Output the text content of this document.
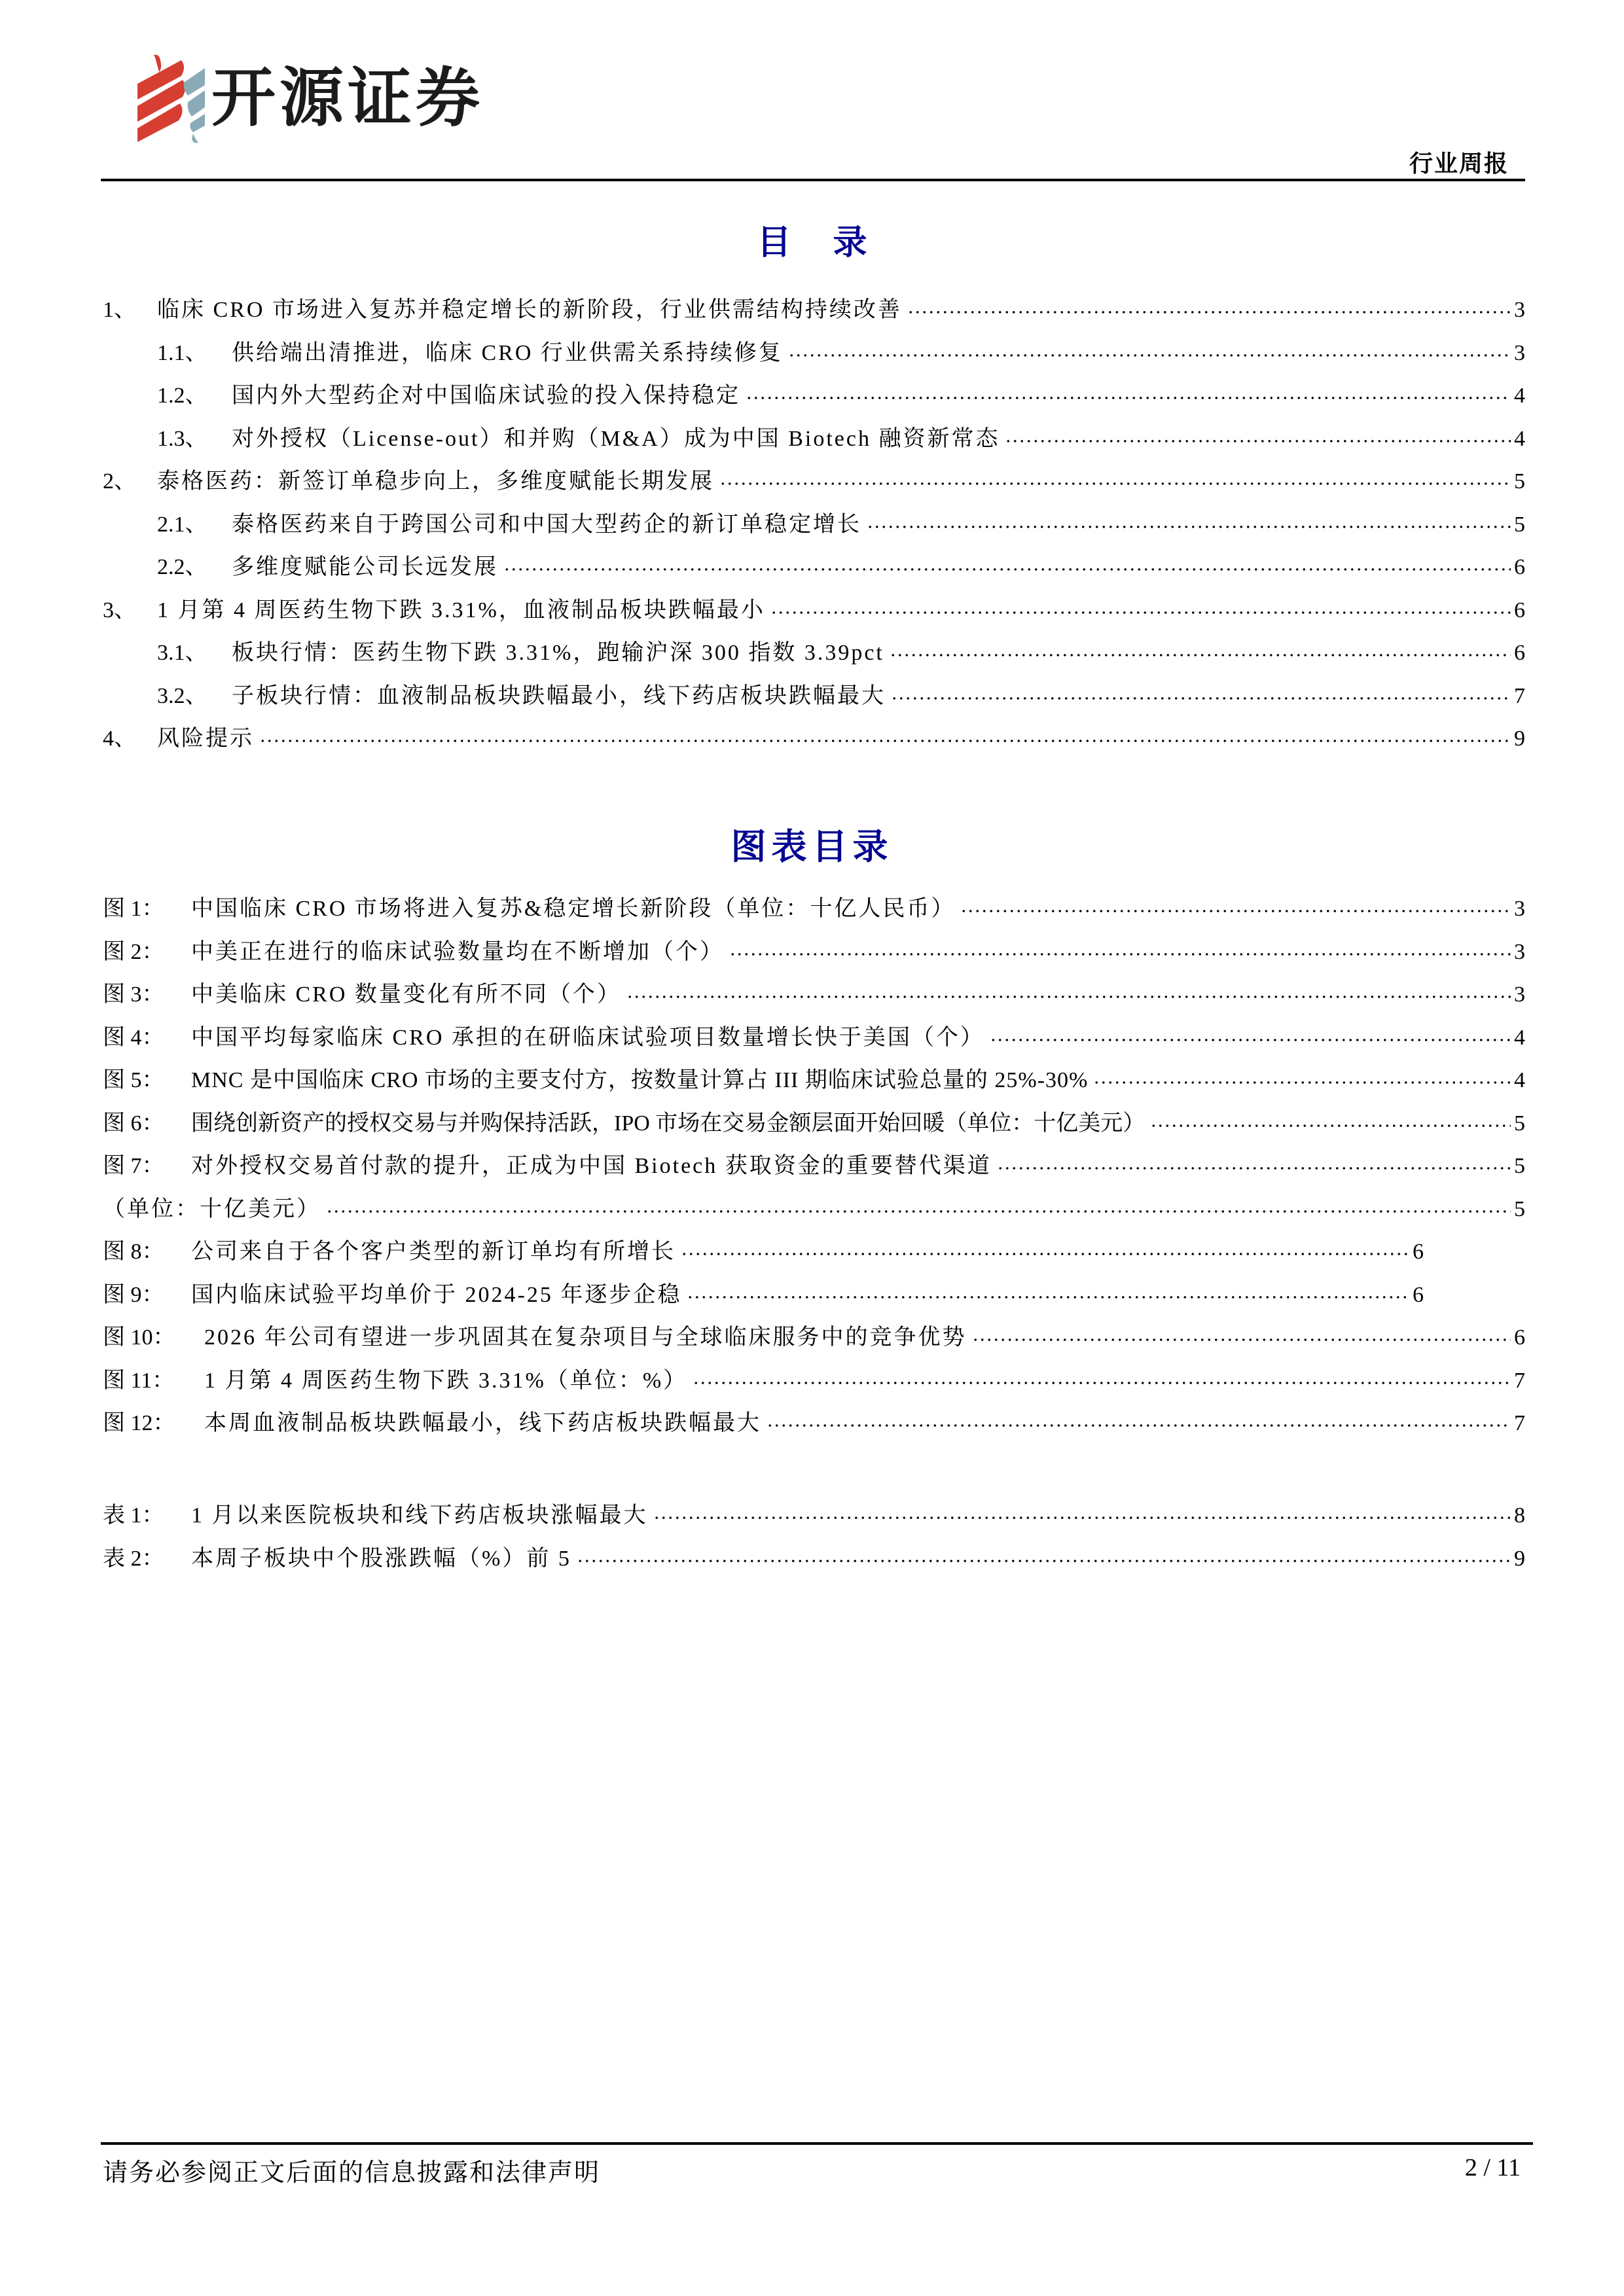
开源证券
行业周报
目录
1、 临床 CRO 市场进入复苏并稳定增长的新阶段，行业供需结构持续改善	3
1.1、	供给端出清推进，临床 CRO 行业供需关系持续修复	3
1.2、	国内外大型药企对中国临床试验的投入保持稳定	4
1.3、	对外授权（License-out）和并购（M&A）成为中国 Biotech 融资新常态	4
2、 泰格医药：新签订单稳步向上，多维度赋能长期发展	5
2.1、	泰格医药来自于跨国公司和中国大型药企的新订单稳定增长	5
2.2、	多维度赋能公司长远发展	6
3、 1 月第 4 周医药生物下跌 3.31%，血液制品板块跌幅最小	6
3.1、	板块行情：医药生物下跌 3.31%，跑输沪深 300 指数 3.39pct	6
3.2、	子板块行情：血液制品板块跌幅最小，线下药店板块跌幅最大	7
4、 风险提示	9
图表目录
图 1：	中国临床 CRO 市场将进入复苏&稳定增长新阶段（单位：十亿人民币）	3
图 2：	中美正在进行的临床试验数量均在不断增加（个）	3
图 3：	中美临床 CRO 数量变化有所不同（个）	3
图 4：	中国平均每家临床 CRO 承担的在研临床试验项目数量增长快于美国（个）	4
图 5：	MNC 是中国临床 CRO 市场的主要支付方，按数量计算占 III 期临床试验总量的 25%-30%	4
图 6：	围绕创新资产的授权交易与并购保持活跃，IPO 市场在交易金额层面开始回暖（单位：十亿美元）	5
图 7：	对外授权交易首付款的提升，正成为中国 Biotech 获取资金的重要替代渠道	5
（单位：十亿美元）	5
图 8：	公司来自于各个客户类型的新订单均有所增长	6
图 9：	国内临床试验平均单价于 2024-25 年逐步企稳	6
图 10：	2026 年公司有望进一步巩固其在复杂项目与全球临床服务中的竞争优势	6
图 11：	1 月第 4 周医药生物下跌 3.31%（单位：%）	7
图 12：	本周血液制品板块跌幅最小，线下药店板块跌幅最大	7
表 1：	1 月以来医院板块和线下药店板块涨幅最大	8
表 2：	本周子板块中个股涨跌幅（%）前 5	9
请务必参阅正文后面的信息披露和法律声明	2 / 11
